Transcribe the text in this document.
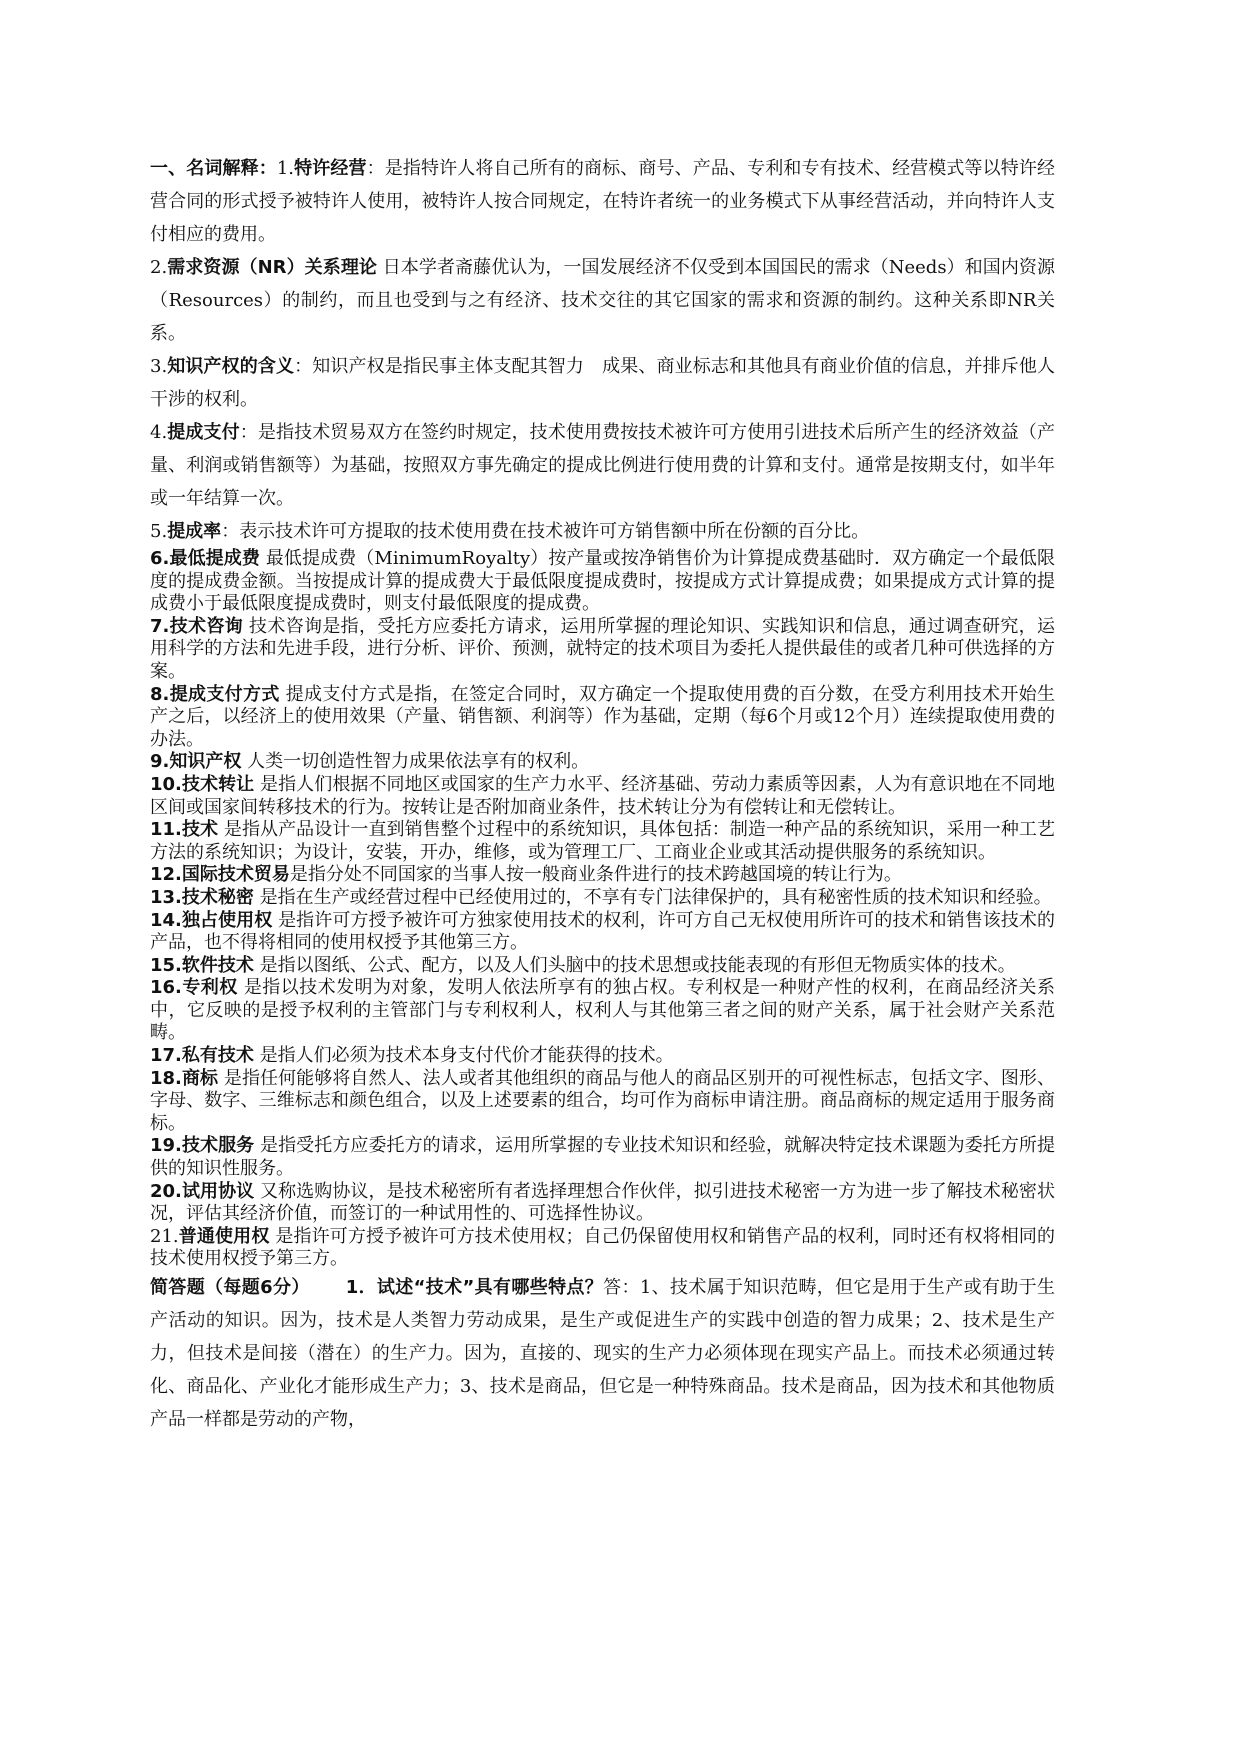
一、名词解释：1.特许经营：是指特许人将自己所有的商标、商号、产品、专利和专有技术、经营模式等以特许经营合同的形式授予被特许人使用，被特许人按合同规定，在特许者统一的业务模式下从事经营活动，并向特许人支付相应的费用。

2.需求资源（NR）关系理论 日本学者斋藤优认为，一国发展经济不仅受到本国国民的需求（Needs）和国内资源（Resources）的制约，而且也受到与之有经济、技术交往的其它国家的需求和资源的制约。这种关系即NR关系。

3.知识产权的含义：知识产权是指民事主体支配其智力　成果、商业标志和其他具有商业价值的信息，并排斥他人干涉的权利。

4.提成支付：是指技术贸易双方在签约时规定，技术使用费按技术被许可方使用引进技术后所产生的经济效益（产量、利润或销售额等）为基础，按照双方事先确定的提成比例进行使用费的计算和支付。通常是按期支付，如半年或一年结算一次。

5.提成率：表示技术许可方提取的技术使用费在技术被许可方销售额中所在份额的百分比。

6.最低提成费 最低提成费（MinimumRoyalty）按产量或按净销售价为计算提成费基础时．双方确定一个最低限度的提成费金额。当按提成计算的提成费大于最低限度提成费时，按提成方式计算提成费；如果提成方式计算的提成费小于最低限度提成费时，则支付最低限度的提成费。

7.技术咨询 技术咨询是指，受托方应委托方请求，运用所掌握的理论知识、实践知识和信息，通过调查研究，运用科学的方法和先进手段，进行分析、评价、预测，就特定的技术项目为委托人提供最佳的或者几种可供选择的方案。

8.提成支付方式 提成支付方式是指，在签定合同时，双方确定一个提取使用费的百分数，在受方利用技术开始生产之后，以经济上的使用效果（产量、销售额、利润等）作为基础，定期（每6个月或12个月）连续提取使用费的办法。

9.知识产权 人类一切创造性智力成果依法享有的权利。

10.技术转让 是指人们根据不同地区或国家的生产力水平、经济基础、劳动力素质等因素，人为有意识地在不同地区间或国家间转移技术的行为。按转让是否附加商业条件，技术转让分为有偿转让和无偿转让。

11.技术 是指从产品设计一直到销售整个过程中的系统知识，具体包括：制造一种产品的系统知识，采用一种工艺方法的系统知识；为设计，安装，开办，维修，或为管理工厂、工商业企业或其活动提供服务的系统知识。

12.国际技术贸易是指分处不同国家的当事人按一般商业条件进行的技术跨越国境的转让行为。

13.技术秘密 是指在生产或经营过程中已经使用过的，不享有专门法律保护的，具有秘密性质的技术知识和经验。

14.独占使用权 是指许可方授予被许可方独家使用技术的权利，许可方自己无权使用所许可的技术和销售该技术的产品，也不得将相同的使用权授予其他第三方。

15.软件技术 是指以图纸、公式、配方，以及人们头脑中的技术思想或技能表现的有形但无物质实体的技术。

16.专利权 是指以技术发明为对象，发明人依法所享有的独占权。专利权是一种财产性的权利，在商品经济关系中，它反映的是授予权利的主管部门与专利权利人，权利人与其他第三者之间的财产关系，属于社会财产关系范畴。

17.私有技术 是指人们必须为技术本身支付代价才能获得的技术。

18.商标 是指任何能够将自然人、法人或者其他组织的商品与他人的商品区别开的可视性标志，包括文字、图形、字母、数字、三维标志和颜色组合，以及上述要素的组合，均可作为商标申请注册。商品商标的规定适用于服务商标。

19.技术服务 是指受托方应委托方的请求，运用所掌握的专业技术知识和经验，就解决特定技术课题为委托方所提供的知识性服务。

20.试用协议 又称选购协议，是技术秘密所有者选择理想合作伙伴，拟引进技术秘密一方为进一步了解技术秘密状况，评估其经济价值，而签订的一种试用性的、可选择性协议。

21.普通使用权 是指许可方授予被许可方技术使用权；自己仍保留使用权和销售产品的权利，同时还有权将相同的技术使用权授予第三方。

简答题（每题6分）   1．试述“技术”具有哪些特点？答：1、技术属于知识范畴，但它是用于生产或有助于生产活动的知识。因为，技术是人类智力劳动成果，是生产或促进生产的实践中创造的智力成果；2、技术是生产力，但技术是间接（潜在）的生产力。因为，直接的、现实的生产力必须体现在现实产品上。而技术必须通过转化、商品化、产业化才能形成生产力；3、技术是商品，但它是一种特殊商品。技术是商品，因为技术和其他物质产品一样都是劳动的产物，
